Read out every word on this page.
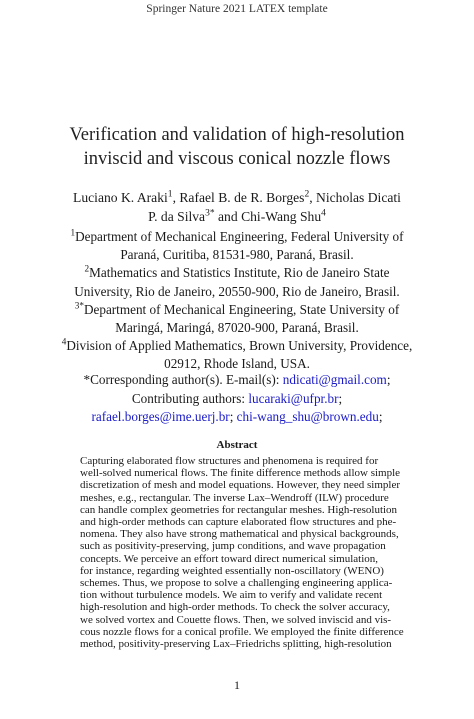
Springer Nature 2021 LATEX template
Verification and validation of high-resolution
inviscid and viscous conical nozzle flows
Luciano K. Araki$^1$, Rafael B. de R. Borges$^2$, Nicholas Dicati
P. da Silva$^{3*}$ and Chi-Wang Shu$^4$
$^1$Department of Mechanical Engineering, Federal University of
Paraná, Curitiba, 81531-980, Paraná, Brasil.
$^2$Mathematics and Statistics Institute, Rio de Janeiro State
University, Rio de Janeiro, 20550-900, Rio de Janeiro, Brasil.
$^{3*}$Department of Mechanical Engineering, State University of
Maringá, Maringá, 87020-900, Paraná, Brasil.
$^4$Division of Applied Mathematics, Brown University, Providence,
02912, Rhode Island, USA.
*Corresponding author(s). E-mail(s): ndicati@gmail.com;
Contributing authors: lucaraki@ufpr.br;
rafael.borges@ime.uerj.br; chi-wang_shu@brown.edu;
Abstract
Capturing elaborated flow structures and phenomena is required for
well-solved numerical flows. The finite difference methods allow simple
discretization of mesh and model equations. However, they need simpler
meshes, e.g., rectangular. The inverse Lax–Wendroff (ILW) procedure
can handle complex geometries for rectangular meshes. High-resolution
and high-order methods can capture elaborated flow structures and phe-
nomena. They also have strong mathematical and physical backgrounds,
such as positivity-preserving, jump conditions, and wave propagation
concepts. We perceive an effort toward direct numerical simulation,
for instance, regarding weighted essentially non-oscillatory (WENO)
schemes. Thus, we propose to solve a challenging engineering applica-
tion without turbulence models. We aim to verify and validate recent
high-resolution and high-order methods. To check the solver accuracy,
we solved vortex and Couette flows. Then, we solved inviscid and vis-
cous nozzle flows for a conical profile. We employed the finite difference
method, positivity-preserving Lax–Friedrichs splitting, high-resolution
1
